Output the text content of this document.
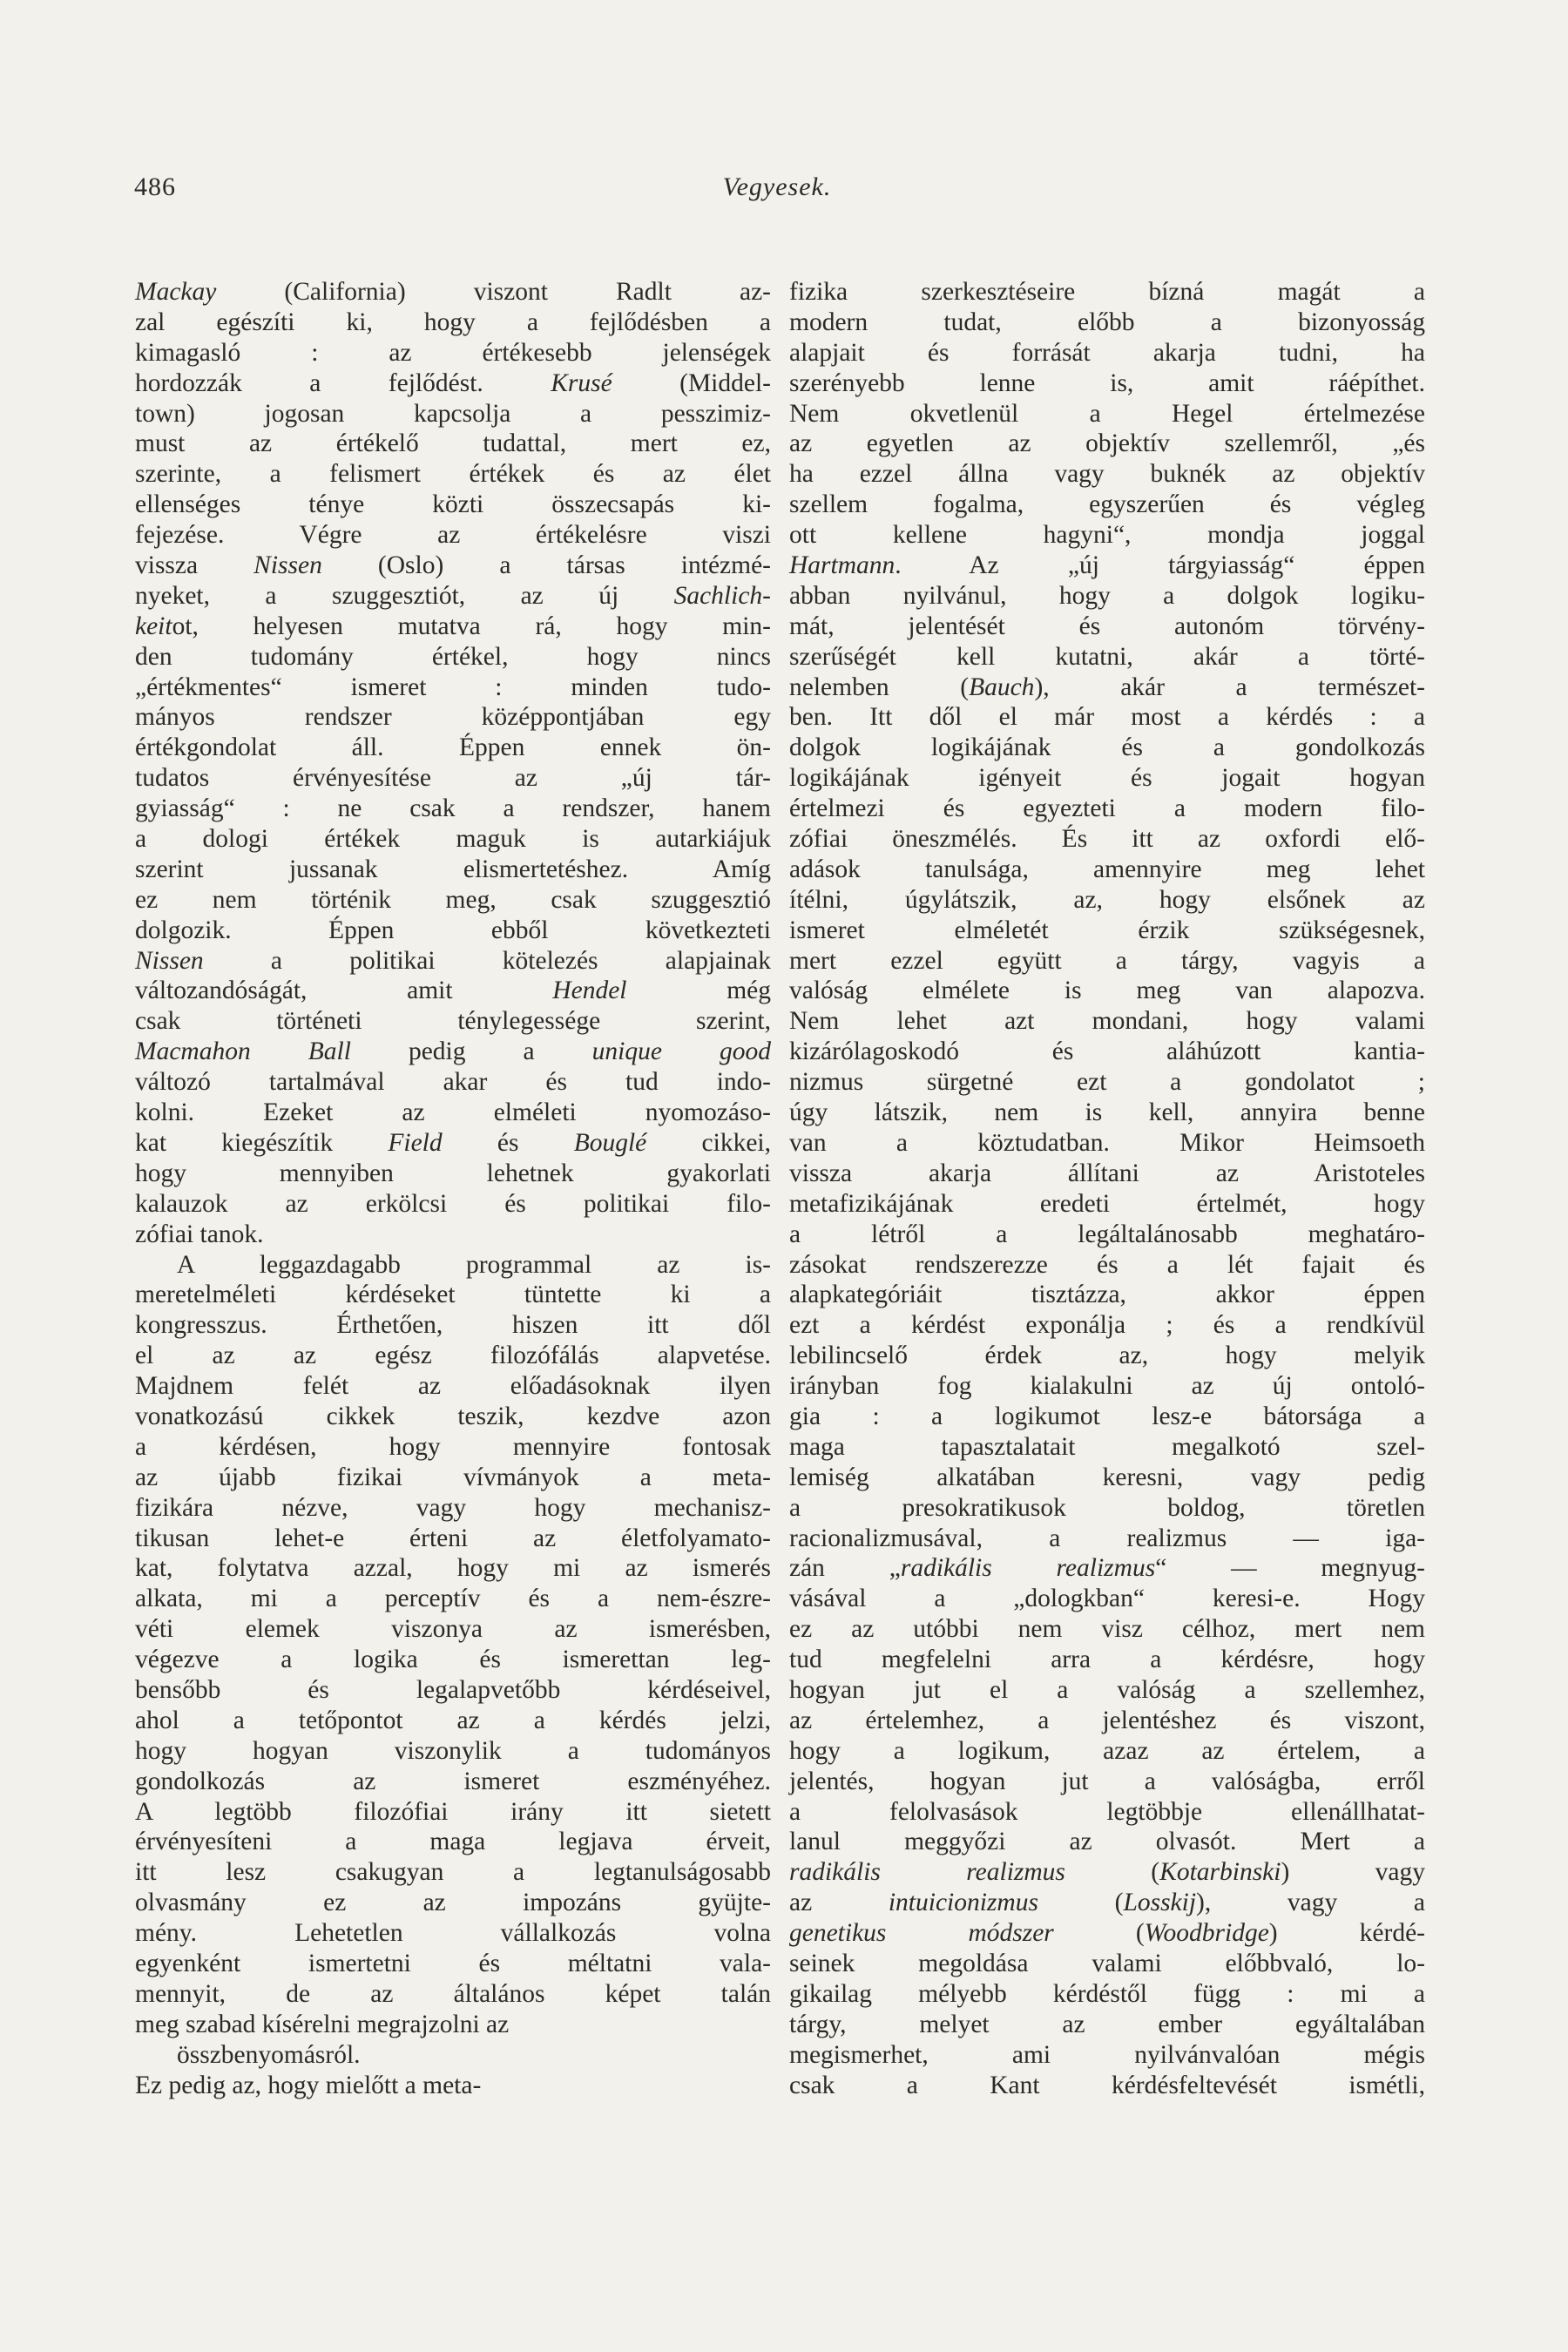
486	Vegyesek.
Mackay (California) viszont Radlt az-
zal egészíti ki, hogy a fejlődésben a
kimagasló : az értékesebb jelenségek
hordozzák a fejlődést. Krusé (Middel-
town) jogosan kapcsolja a pesszimiz-
must az értékelő tudattal, mert ez,
szerinte, a felismert értékek és az élet
ellenséges ténye közti összecsapás ki-
fejezése. Végre az értékelésre viszi
vissza Nissen (Oslo) a társas intézmé-
nyeket, a szuggesztiót, az új Sachlich-
keitot, helyesen mutatva rá, hogy min-
den tudomány értékel, hogy nincs
„értékmentes“ ismeret : minden tudo-
mányos rendszer középpontjában egy
értékgondolat áll. Éppen ennek ön-
tudatos érvényesítése az „új tár-
gyiasság“ : ne csak a rendszer, hanem
a dologi értékek maguk is autarkiájuk
szerint jussanak elismertetéshez. Amíg
ez nem történik meg, csak szuggesztió
dolgozik. Éppen ebből következteti
Nissen a politikai kötelezés alapjainak
változandóságát, amit Hendel még
csak történeti ténylegessége szerint,
Macmahon Ball pedig a unique good
változó tartalmával akar és tud indo-
kolni. Ezeket az elméleti nyomozáso-
kat kiegészítik Field és Bouglé cikkei,
hogy mennyiben lehetnek gyakorlati
kalauzok az erkölcsi és politikai filo-
zófiai tanok.
A leggazdagabb programmal az is-
meretelméleti kérdéseket tüntette ki a
kongresszus. Érthetően, hiszen itt dől
el az az egész filozófálás alapvetése.
Majdnem felét az előadásoknak ilyen
vonatkozású cikkek teszik, kezdve azon
a kérdésen, hogy mennyire fontosak
az újabb fizikai vívmányok a meta-
fizikára nézve, vagy hogy mechanisz-
tikusan lehet-e érteni az életfolyamato-
kat, folytatva azzal, hogy mi az ismerés
alkata, mi a perceptív és a nem-észre-
véti elemek viszonya az ismerésben,
végezve a logika és ismerettan leg-
bensőbb és legalapvetőbb kérdéseivel,
ahol a tetőpontot az a kérdés jelzi,
hogy hogyan viszonylik a tudományos
gondolkozás az ismeret eszményéhez.
A legtöbb filozófiai irány itt sietett
érvényesíteni a maga legjava érveit,
itt lesz csakugyan a legtanulságosabb
olvasmány ez az impozáns gyüjte-
mény. Lehetetlen vállalkozás volna
egyenként ismertetni és méltatni vala-
mennyit, de az általános képet talán
meg szabad kísérelni megrajzolni az
összbenyomásról.
Ez pedig az, hogy mielőtt a meta-
fizika szerkesztéseire bízná magát a
modern tudat, előbb a bizonyosság
alapjait és forrását akarja tudni, ha
szerényebb lenne is, amit ráépíthet.
Nem okvetlenül a Hegel értelmezése
az egyetlen az objektív szellemről, „és
ha ezzel állna vagy buknék az objektív
szellem fogalma, egyszerűen és végleg
ott kellene hagyni“, mondja joggal
Hartmann. Az „új tárgyiasság“ éppen
abban nyilvánul, hogy a dolgok logiku-
mát, jelentését és autonóm törvény-
szerűségét kell kutatni, akár a törté-
nelemben (Bauch), akár a természet-
ben. Itt dől el már most a kérdés : a
dolgok logikájának és a gondolkozás
logikájának igényeit és jogait hogyan
értelmezi és egyezteti a modern filo-
zófiai öneszmélés. És itt az oxfordi elő-
adások tanulsága, amennyire meg lehet
ítélni, úgylátszik, az, hogy elsőnek az
ismeret elméletét érzik szükségesnek,
mert ezzel együtt a tárgy, vagyis a
valóság elmélete is meg van alapozva.
Nem lehet azt mondani, hogy valami
kizárólagoskodó és aláhúzott kantia-
nizmus sürgetné ezt a gondolatot ;
úgy látszik, nem is kell, annyira benne
van a köztudatban. Mikor Heimsoeth
vissza akarja állítani az Aristoteles
metafizikájának eredeti értelmét, hogy
a létről a legáltalánosabb meghatáro-
zásokat rendszerezze és a lét fajait és
alapkategóriáit tisztázza, akkor éppen
ezt a kérdést exponálja ; és a rendkívül
lebilincselő érdek az, hogy melyik
irányban fog kialakulni az új ontoló-
gia : a logikumot lesz-e bátorsága a
maga tapasztalatait megalkotó szel-
lemiség alkatában keresni, vagy pedig
a presokratikusok boldog, töretlen
racionalizmusával, a realizmus — iga-
zán „radikális realizmus“ — megnyug-
vásával a „dologkban“ keresi-e. Hogy
ez az utóbbi nem visz célhoz, mert nem
tud megfelelni arra a kérdésre, hogy
hogyan jut el a valóság a szellemhez,
az értelemhez, a jelentéshez és viszont,
hogy a logikum, azaz az értelem, a
jelentés, hogyan jut a valóságba, erről
a felolvasások legtöbbje ellenállhatat-
lanul meggyőzi az olvasót. Mert a
radikális realizmus (Kotarbinski) vagy
az intuicionizmus (Losskij), vagy a
genetikus módszer (Woodbridge) kérdé-
seinek megoldása valami előbbvaló, lo-
gikailag mélyebb kérdéstől függ : mi a
tárgy, melyet az ember egyáltalában
megismerhet, ami nyilvánvalóan mégis
csak a Kant kérdésfeltevését ismétli,
